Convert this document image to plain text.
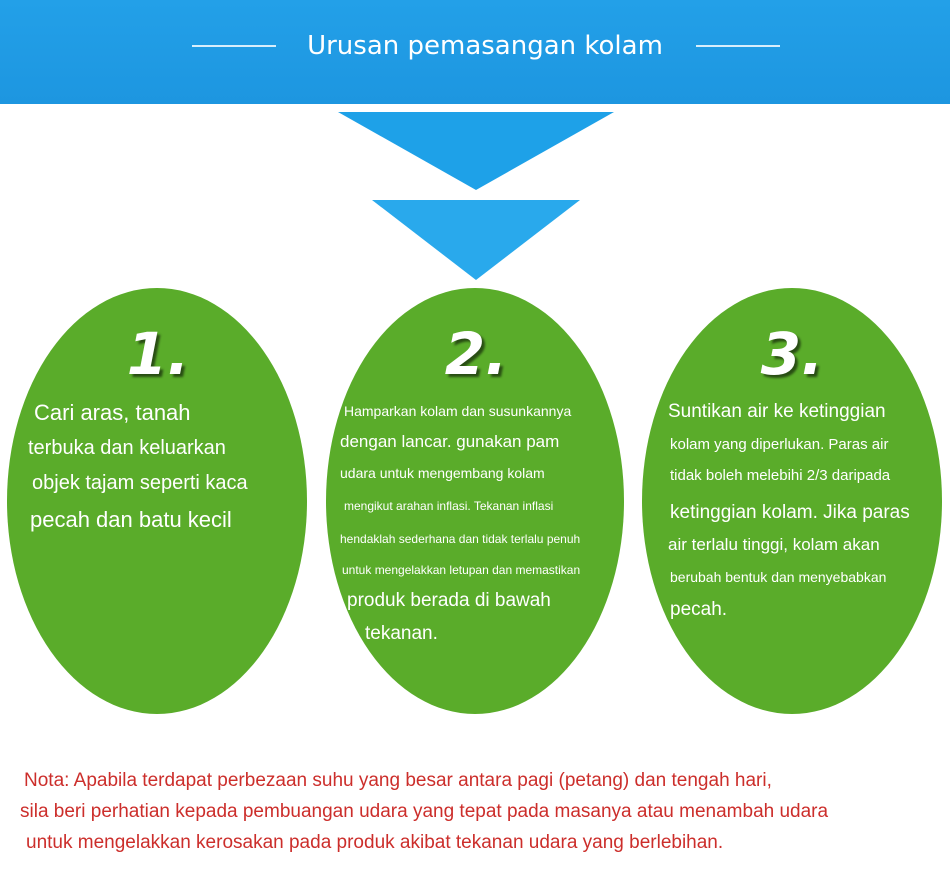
Urusan pemasangan kolam
1.
Cari aras, tanah
terbuka dan keluarkan
objek tajam seperti kaca
pecah dan batu kecil
2.
Hamparkan kolam dan susunkannya
dengan lancar. gunakan pam
udara untuk mengembang kolam
mengikut arahan inflasi. Tekanan inflasi
hendaklah sederhana dan tidak terlalu penuh
untuk mengelakkan letupan dan memastikan
produk berada di bawah
tekanan.
3.
Suntikan air ke ketinggian
kolam yang diperlukan. Paras air
tidak boleh melebihi 2/3 daripada
ketinggian kolam. Jika paras
air terlalu tinggi, kolam akan
berubah bentuk dan menyebabkan
pecah.
Nota: Apabila terdapat perbezaan suhu yang besar antara pagi (petang) dan tengah hari,
sila beri perhatian kepada pembuangan udara yang tepat pada masanya atau menambah udara
untuk mengelakkan kerosakan pada produk akibat tekanan udara yang berlebihan.
